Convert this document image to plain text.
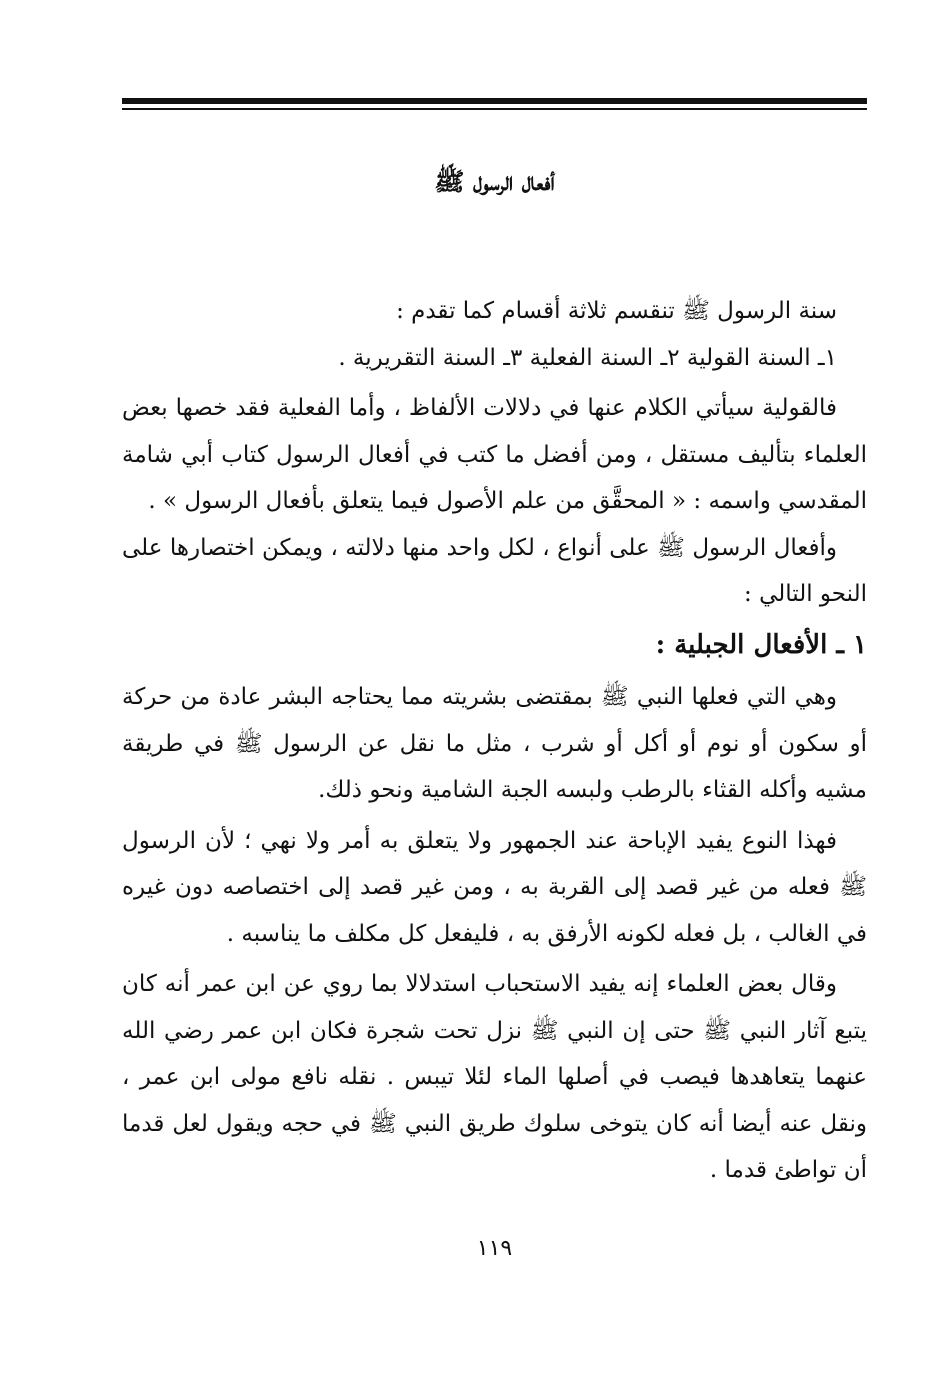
أفعال الرسول ﷺ

سنة الرسول ﷺ تنقسم ثلاثة أقسام كما تقدم :

١ـ السنة القولية ٢ـ السنة الفعلية ٣ـ السنة التقريرية .

فالقولية سيأتي الكلام عنها في دلالات الألفاظ ، وأما الفعلية فقد خصها بعض العلماء بتأليف مستقل ، ومن أفضل ما كتب في أفعال الرسول كتاب أبي شامة المقدسي واسمه : « المحقَّق من علم الأصول فيما يتعلق بأفعال الرسول » .

وأفعال الرسول ﷺ على أنواع ، لكل واحد منها دلالته ، ويمكن اختصارها على النحو التالي :

١ ـ الأفعال الجبلية :

وهي التي فعلها النبي ﷺ بمقتضى بشريته مما يحتاجه البشر عادة من حركة أو سكون أو نوم أو أكل أو شرب ، مثل ما نقل عن الرسول ﷺ في طريقة مشيه وأكله القثاء بالرطب ولبسه الجبة الشامية ونحو ذلك.

فهذا النوع يفيد الإباحة عند الجمهور ولا يتعلق به أمر ولا نهي ؛ لأن الرسول ﷺ فعله من غير قصد إلى القربة به ، ومن غير قصد إلى اختصاصه دون غيره في الغالب ، بل فعله لكونه الأرفق به ، فليفعل كل مكلف ما يناسبه .

وقال بعض العلماء إنه يفيد الاستحباب استدلالا بما روي عن ابن عمر أنه كان يتبع آثار النبي ﷺ حتى إن النبي ﷺ نزل تحت شجرة فكان ابن عمر رضي الله عنهما يتعاهدها فيصب في أصلها الماء لئلا تيبس . نقله نافع مولى ابن عمر ، ونقل عنه أيضا أنه كان يتوخى سلوك طريق النبي ﷺ في حجه ويقول لعل قدما أن تواطئ قدما .

١١٩
